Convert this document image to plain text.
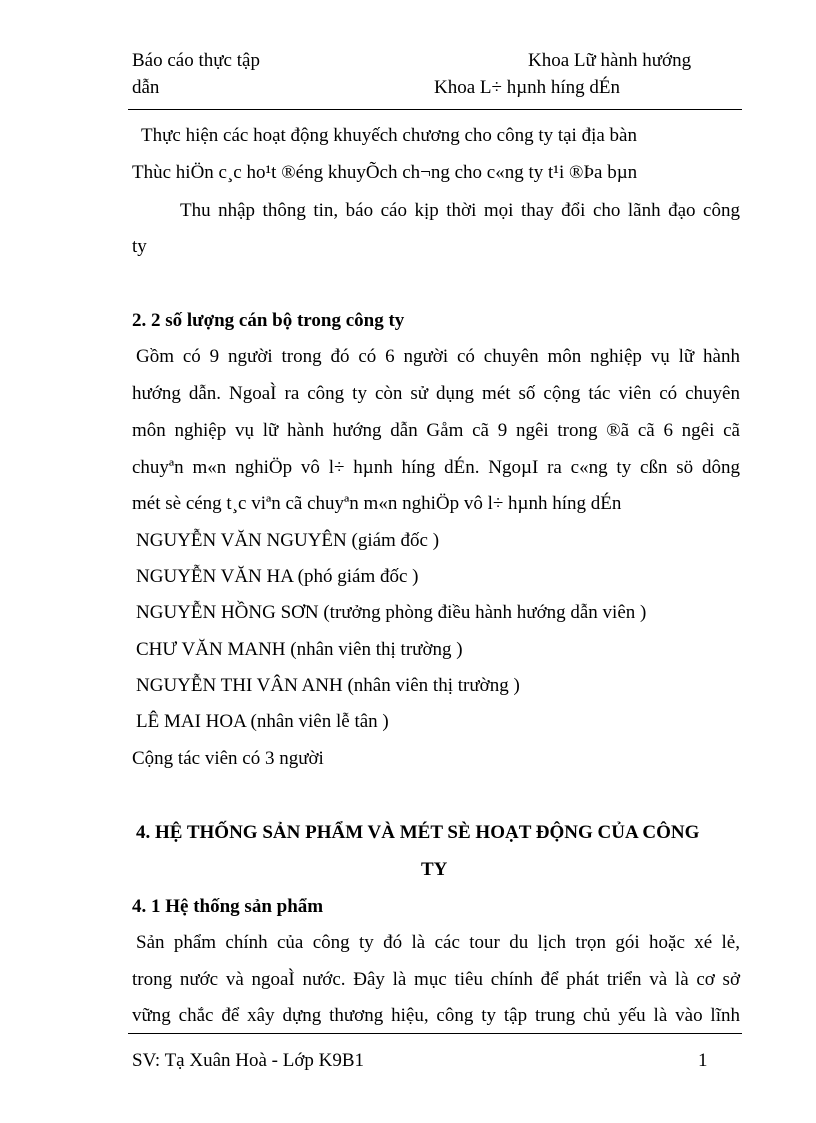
Báo cáo thực tập
dẫn
Khoa Lữ hành hướng
Khoa L÷ hµnh híng dÉn
Thực hiện các hoạt động khuyếch chương cho công ty tại địa bàn
Thùc hiÖn c¸c ho¹t ®éng khuyÕch ch¬ng cho c«ng ty t¹i ®Þa bµn
Thu nhập thông tin, báo cáo kịp thời mọi thay đổi cho lãnh đạo công
ty
2. 2 số lượng cán bộ trong công ty
Gồm có 9 người trong đó có 6 người có chuyên môn nghiệp vụ lữ hành
hướng dẫn. NgoaÌ ra công ty còn sử dụng mét số cộng tác viên có chuyên
môn nghiệp vụ lữ hành hướng dẫn Gåm cã 9 ngêi trong ®ã cã 6 ngêi cã
chuyªn m«n nghiÖp vô l÷ hµnh híng dÉn. NgoµI ra c«ng ty cßn sö dông
mét sè céng t¸c viªn cã chuyªn m«n nghiÖp vô l÷ hµnh híng dÉn
NGUYỄN VĂN NGUYÊN (giám đốc )
NGUYỄN VĂN HA (phó giám đốc )
NGUYỄN HỒNG SƠN (trưởng phòng điều hành hướng dẫn viên )
CHƯ VĂN MANH (nhân viên thị trường )
NGUYỄN THI VÂN ANH (nhân viên thị trường )
LÊ MAI HOA (nhân viên lễ tân )
Cộng tác viên có 3 người
4. HỆ THỐNG SẢN PHẨM VÀ MÉT SÈ HOẠT ĐỘNG CỦA CÔNG
TY
4. 1 Hệ thống sản phẩm
Sản phẩm chính của công ty đó là các tour du lịch trọn gói hoặc xé lẻ,
trong nước và ngoaÌ nước. Đây là mục tiêu chính để phát triển và là cơ sở
vững chắc để xây dựng thương hiệu, công ty tập trung chủ yếu là vào lĩnh
SV: Tạ Xuân Hoà - Lớp K9B1	1
